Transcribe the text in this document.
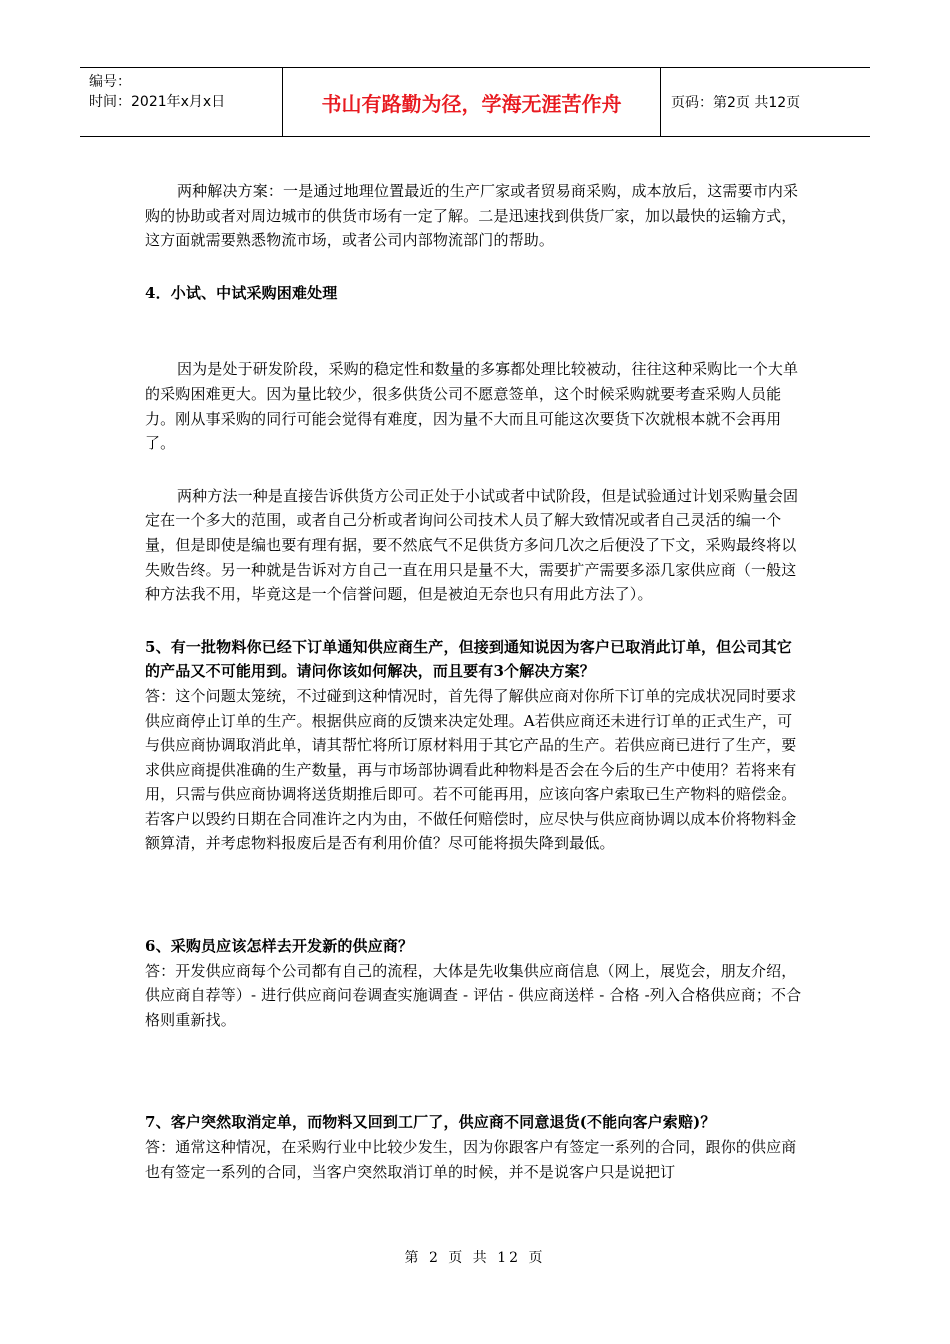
编号：
时间：2021年x月x日	书山有路勤为径，学海无涯苦作舟	页码：第2页 共12页

两种解决方案：一是通过地理位置最近的生产厂家或者贸易商采购，成本放后，这需要市内采购的协助或者对周边城市的供货市场有一定了解。二是迅速找到供货厂家，加以最快的运输方式，这方面就需要熟悉物流市场，或者公司内部物流部门的帮助。

4．小试、中试采购困难处理

因为是处于研发阶段，采购的稳定性和数量的多寡都处理比较被动，往往这种采购比一个大单的采购困难更大。因为量比较少，很多供货公司不愿意签单，这个时候采购就要考查采购人员能力。刚从事采购的同行可能会觉得有难度，因为量不大而且可能这次要货下次就根本就不会再用了。

两种方法一种是直接告诉供货方公司正处于小试或者中试阶段，但是试验通过计划采购量会固定在一个多大的范围，或者自己分析或者询问公司技术人员了解大致情况或者自己灵活的编一个量，但是即使是编也要有理有据，要不然底气不足供货方多问几次之后便没了下文，采购最终将以失败告终。另一种就是告诉对方自己一直在用只是量不大，需要扩产需要多添几家供应商（一般这种方法我不用，毕竟这是一个信誉问题，但是被迫无奈也只有用此方法了）。

5、有一批物料你已经下订单通知供应商生产，但接到通知说因为客户已取消此订单，但公司其它的产品又不可能用到。请问你该如何解决，而且要有3个解决方案？

答：这个问题太笼统，不过碰到这种情况时，首先得了解供应商对你所下订单的完成状况同时要求供应商停止订单的生产。根据供应商的反馈来决定处理。A若供应商还未进行订单的正式生产，可与供应商协调取消此单，请其帮忙将所订原材料用于其它产品的生产。若供应商已进行了生产，要求供应商提供准确的生产数量，再与市场部协调看此种物料是否会在今后的生产中使用？若将来有用，只需与供应商协调将送货期推后即可。若不可能再用，应该向客户索取已生产物料的赔偿金。若客户以毁约日期在合同准许之内为由，不做任何赔偿时，应尽快与供应商协调以成本价将物料金额算清，并考虑物料报废后是否有利用价值？尽可能将损失降到最低。

6、采购员应该怎样去开发新的供应商？

答：开发供应商每个公司都有自己的流程，大体是先收集供应商信息（网上，展览会，朋友介绍，供应商自荐等）- 进行供应商问卷调查实施调查 - 评估 - 供应商送样 - 合格 -列入合格供应商；不合格则重新找。

7、客户突然取消定单，而物料又回到工厂了，供应商不同意退货(不能向客户索赔)？

答：通常这种情况，在采购行业中比较少发生，因为你跟客户有签定一系列的合同，跟你的供应商也有签定一系列的合同，当客户突然取消订单的时候，并不是说客户只是说把订

第 2 页 共 12 页
